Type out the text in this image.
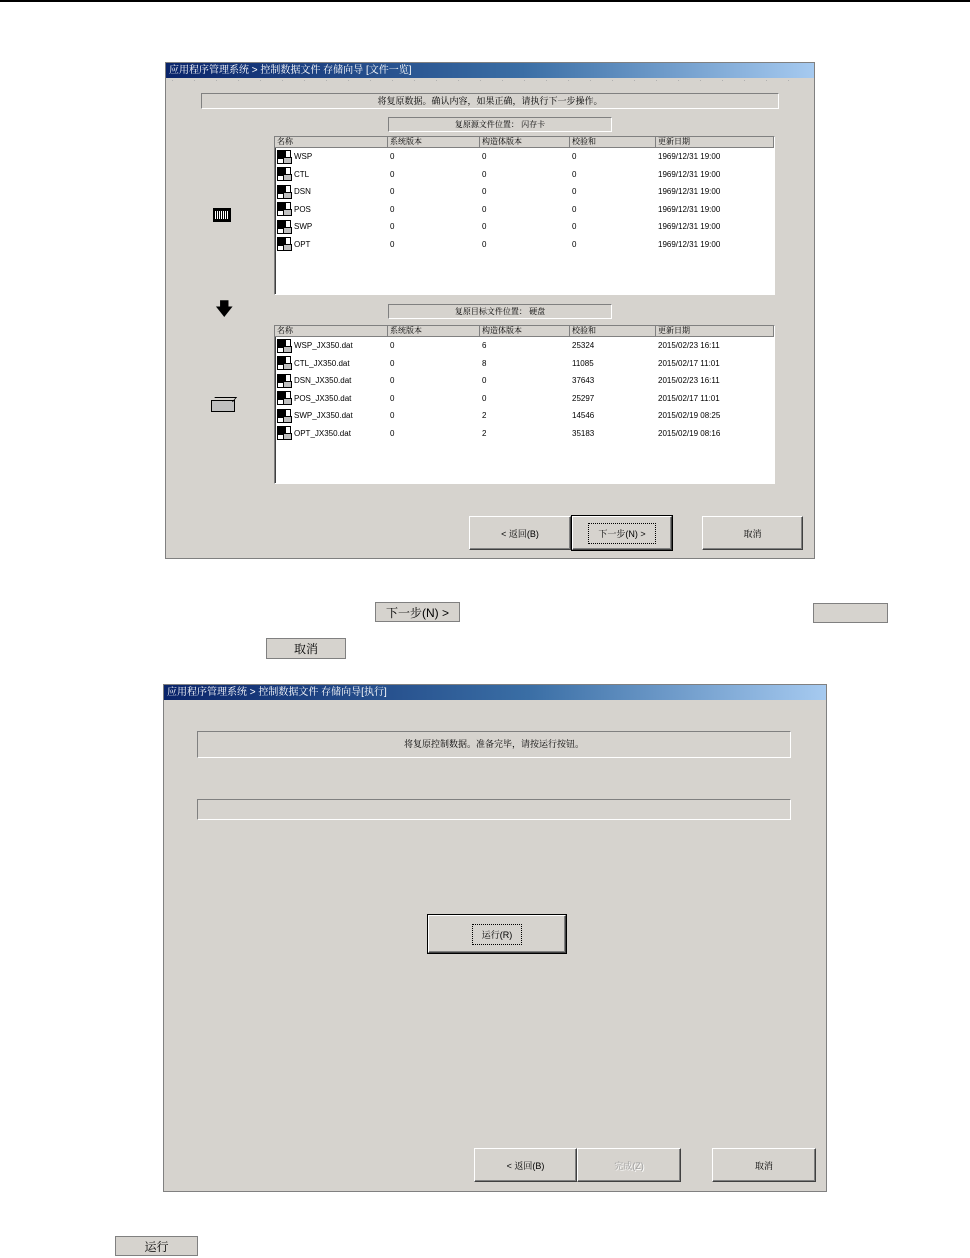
应用程序管理系统 > 控制数据文件 存储向导 [文件一览]
将复原数据。确认内容，如果正确，请执行下一步操作。
复原源文件位置： 闪存卡
名称	系统版本	构造体版本	校验和	更新日期
WSP	0	0	0	1969/12/31 19:00
CTL	0	0	0	1969/12/31 19:00
DSN	0	0	0	1969/12/31 19:00
POS	0	0	0	1969/12/31 19:00
SWP	0	0	0	1969/12/31 19:00
OPT	0	0	0	1969/12/31 19:00
🡇	复原目标文件位置： 硬盘
名称	系统版本	构造体版本	校验和	更新日期
WSP_JX350.dat	0	6	25324	2015/02/23 16:11
CTL_JX350.dat	0	8	11085	2015/02/17 11:01
DSN_JX350.dat	0	0	37643	2015/02/23 16:11
POS_JX350.dat	0	0	25297	2015/02/17 11:01
SWP_JX350.dat	0	2	14546	2015/02/19 08:25
OPT_JX350.dat	0	2	35183	2015/02/19 08:16
< 返回(B)	下一步(N) >	取消
下一步(N) >
取消
应用程序管理系统 > 控制数据文件 存储向导[执行]
将复原控制数据。准备完毕，请按运行按钮。
运行(R)
< 返回(B)	完成(Z)	取消
运行
